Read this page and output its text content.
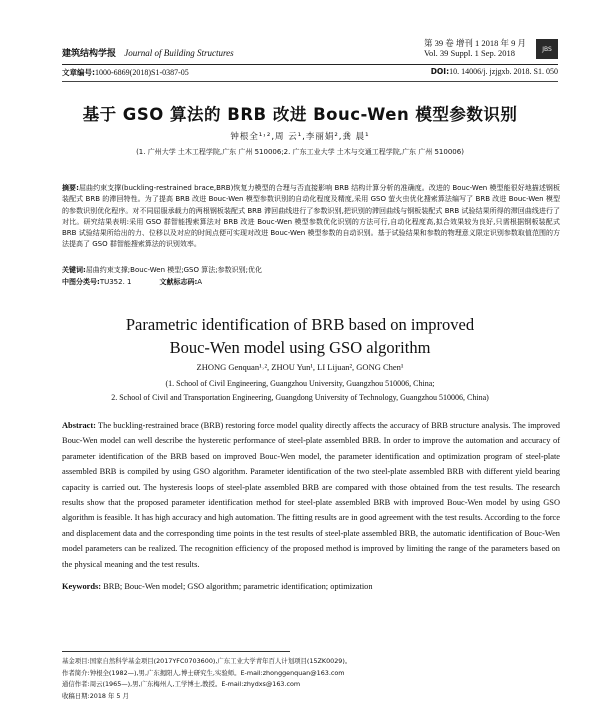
建筑结构学报 Journal of Building Structures
第 39 卷 增刊 1 2018 年 9 月
Vol. 39 Suppl. 1 Sep. 2018	JBS
文章编号:1000-6869(2018)S1-0387-05	DOI:10. 14006/j. jzjgxb. 2018. S1. 050
基于 GSO 算法的 BRB 改进 Bouc-Wen 模型参数识别
钟根全¹˒²,周 云¹,李丽娟²,龚 晨¹
(1. 广州大学 土木工程学院,广东 广州 510006;2. 广东工业大学 土木与交通工程学院,广东 广州 510006)
摘要:屈曲约束支撑(buckling-restrained brace,BRB)恢复力模型的合理与否直接影响 BRB 结构计算分析的准确度。改进的 Bouc-Wen 模型能很好地描述钢板装配式 BRB 的滞回特性。为了提高 BRB 改进 Bouc-Wen 模型参数识别的自动化程度及精度,采用 GSO 萤火虫优化搜索算法编写了 BRB 改进 Bouc-Wen 模型的参数识别优化程序。对不同屈服承载力的两根钢板装配式 BRB 滞回曲线进行了参数识别,把识别的滞回曲线与钢板装配式 BRB 试验结果所得的滞回曲线进行了对比。研究结果表明:采用 GSO 群智能搜索算法对 BRB 改进 Bouc-Wen 模型参数优化识别的方法可行,自动化程度高,拟合效果较为良好,只需根据钢板装配式 BRB 试验结果所给出的力、位移以及对应的时间点便可实现对改进 Bouc-Wen 模型参数的自动识别。基于试验结果和参数的物理意义限定识别参数取值范围的方法提高了 GSO 群智能搜索算法的识别效率。
关键词:屈曲约束支撑;Bouc-Wen 模型;GSO 算法;参数识别;优化
中图分类号:TU352. 1	文献标志码:A
Parametric identification of BRB based on improved
Bouc-Wen model using GSO algorithm
ZHONG Genquan¹˒², ZHOU Yun¹, LI Lijuan², GONG Chen¹
(1. School of Civil Engineering, Guangzhou University, Guangzhou 510006, China;
2. School of Civil and Transportation Engineering, Guangdong University of Technology, Guangzhou 510006, China)
Abstract: The buckling-restrained brace (BRB) restoring force model quality directly affects the accuracy of BRB structure analysis. The improved Bouc-Wen model can well describe the hysteretic performance of steel-plate assembled BRB. In order to improve the automation and accuracy of parameter identification of the BRB based on improved Bouc-Wen model, the parameter identification and optimization program of steel-plate assembled BRB is compiled by using GSO algorithm. Parameter identification of the two steel-plate assembled BRB with different yield bearing capacity is carried out. The hysteresis loops of steel-plate assembled BRB are compared with those obtained from the test results. The research results show that the proposed parameter identification method for steel-plate assembled BRB with improved Bouc-Wen model by using GSO algorithm is feasible. It has high accuracy and high automation. The fitting results are in good agreement with the test results. According to the force and displacement data and the corresponding time points in the test results of steel-plate assembled BRB, the automatic identification of Bouc-Wen model parameters can be realized. The recognition efficiency of the proposed method is improved by limiting the range of the parameters based on the physical meaning and the test results.
Keywords: BRB; Bouc-Wen model; GSO algorithm; parametric identification; optimization
基金项目:国家自然科学基金项目(2017YFC0703600),广东工业大学青年百人计划项目(15ZK0029)。
作者简介:钟根全(1982—),男,广东揭阳人,博士研究生,实验师。E-mail:zhonggenquan@163.com
通信作者:周云(1965—),男,广东梅州人,工学博士,教授。E-mail:zhydxs@163.com
收稿日期:2018 年 5 月
